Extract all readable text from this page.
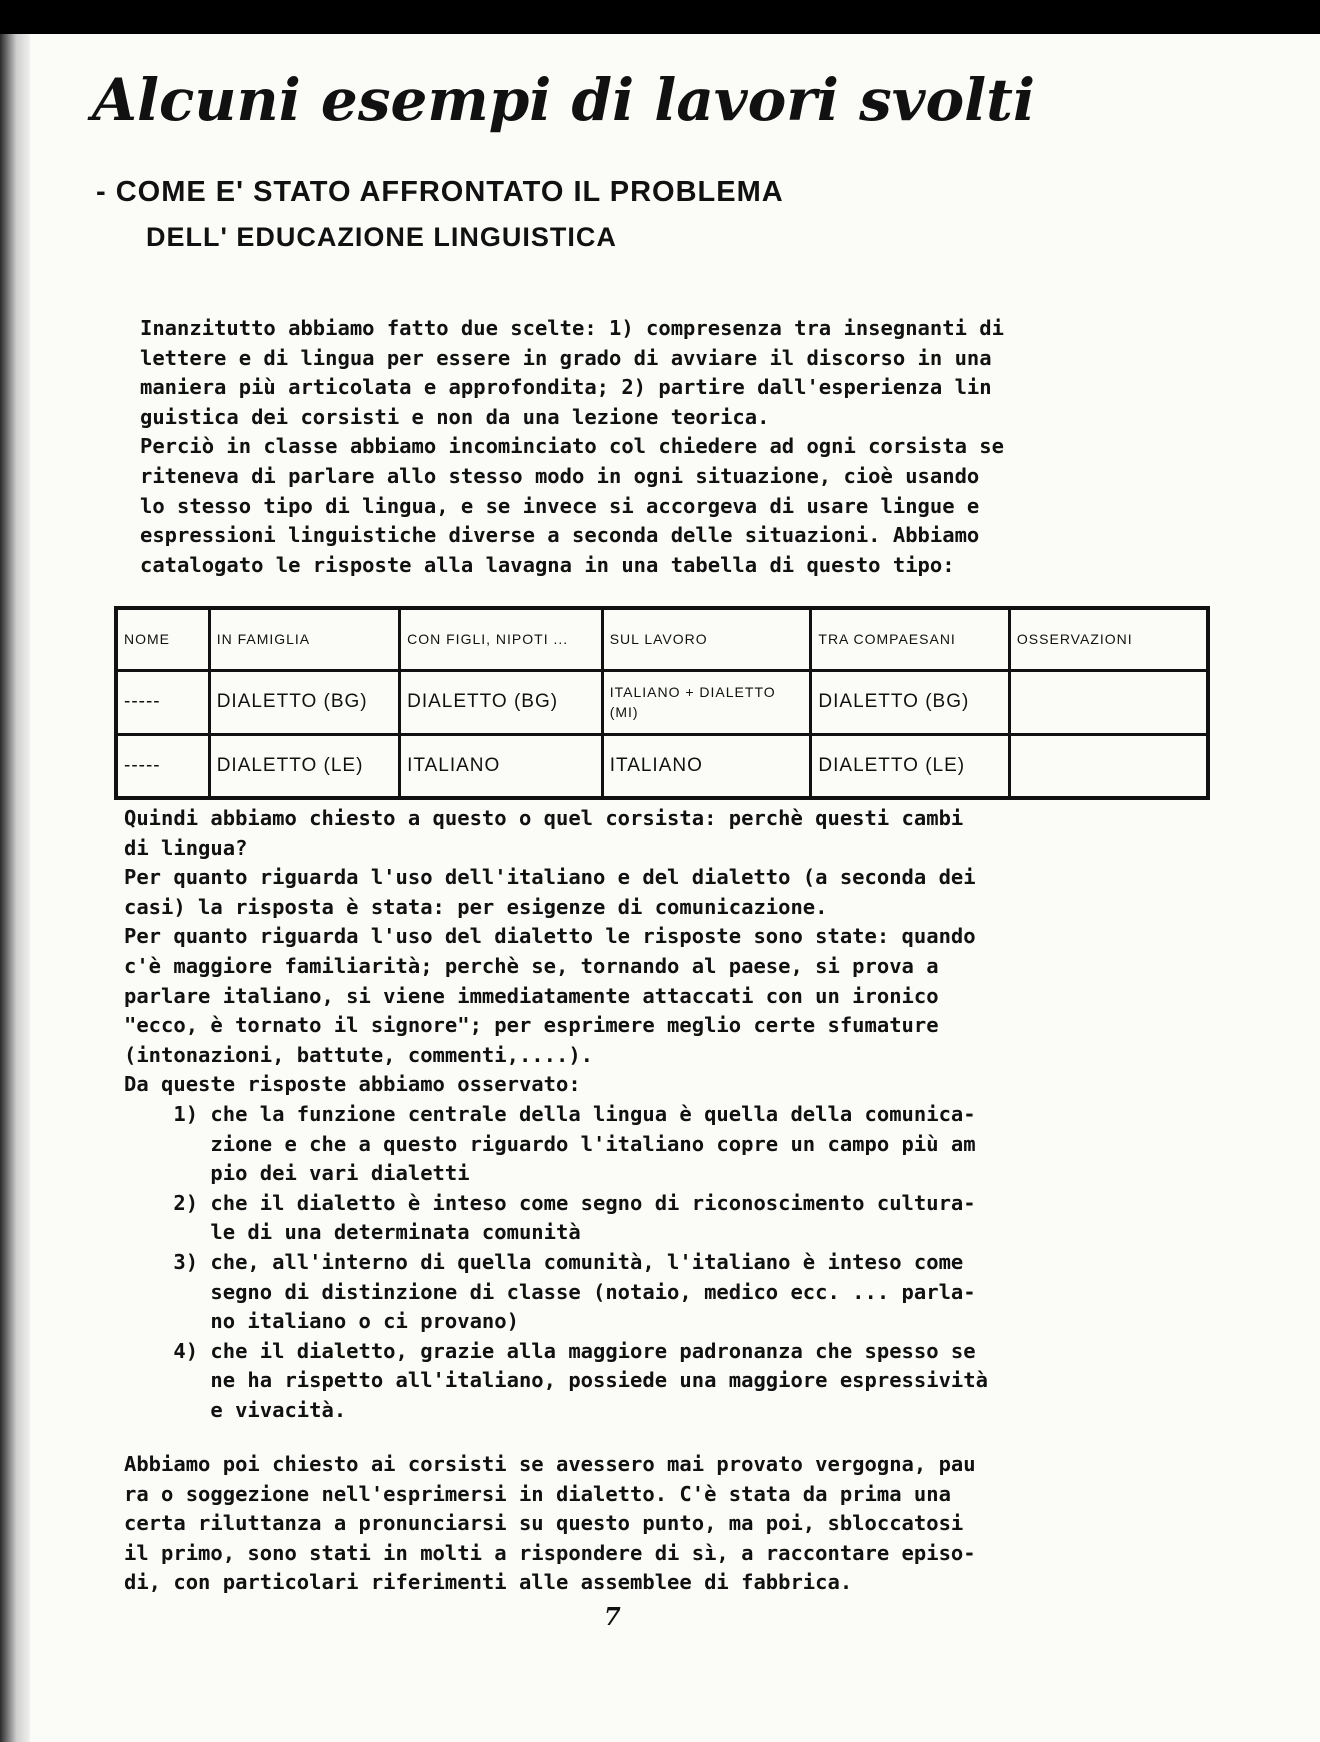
Alcuni esempi di lavori svolti
- COME E' STATO AFFRONTATO IL PROBLEMA
DELL' EDUCAZIONE LINGUISTICA
Inanzitutto abbiamo fatto due scelte: 1) compresenza tra insegnanti di
lettere e di lingua per essere in grado di avviare il discorso in una
maniera più articolata e approfondita; 2) partire dall'esperienza lin
guistica dei corsisti e non da una lezione teorica.
Perciò in classe abbiamo incominciato col chiedere ad ogni corsista se
riteneva di parlare allo stesso modo in ogni situazione, cioè usando
lo stesso tipo di lingua, e se invece si accorgeva di usare lingue e
espressioni linguistiche diverse a seconda delle situazioni. Abbiamo
catalogato le risposte alla lavagna in una tabella di questo tipo:
NOME	IN FAMIGLIA	CON FIGLI, NIPOTI ...	SUL LAVORO	TRA COMPAESANI	OSSERVAZIONI
-----	DIALETTO (BG)	DIALETTO (BG)	ITALIANO + DIALETTO (MI)	DIALETTO (BG)	
-----	DIALETTO (LE)	ITALIANO	ITALIANO	DIALETTO (LE)	
Quindi abbiamo chiesto a questo o quel corsista: perchè questi cambi
di lingua?
Per quanto riguarda l'uso dell'italiano e del dialetto (a seconda dei
casi) la risposta è stata: per esigenze di comunicazione.
Per quanto riguarda l'uso del dialetto le risposte sono state: quando
c'è maggiore familiarità; perchè se, tornando al paese, si prova a
parlare italiano, si viene immediatamente attaccati con un ironico
"ecco, è tornato il signore"; per esprimere meglio certe sfumature
(intonazioni, battute, commenti,....).
Da queste risposte abbiamo osservato:
1) che la funzione centrale della lingua è quella della comunica-
zione e che a questo riguardo l'italiano copre un campo più am
pio dei vari dialetti
2) che il dialetto è inteso come segno di riconoscimento cultura-
le di una determinata comunità
3) che, all'interno di quella comunità, l'italiano è inteso come
segno di distinzione di classe (notaio, medico ecc. ... parla-
no italiano o ci provano)
4) che il dialetto, grazie alla maggiore padronanza che spesso se
ne ha rispetto all'italiano, possiede una maggiore espressività
e vivacità.
Abbiamo poi chiesto ai corsisti se avessero mai provato vergogna, pau
ra o soggezione nell'esprimersi in dialetto. C'è stata da prima una
certa riluttanza a pronunciarsi su questo punto, ma poi, sbloccatosi
il primo, sono stati in molti a rispondere di sì, a raccontare episo-
di, con particolari riferimenti alle assemblee di fabbrica.
7
